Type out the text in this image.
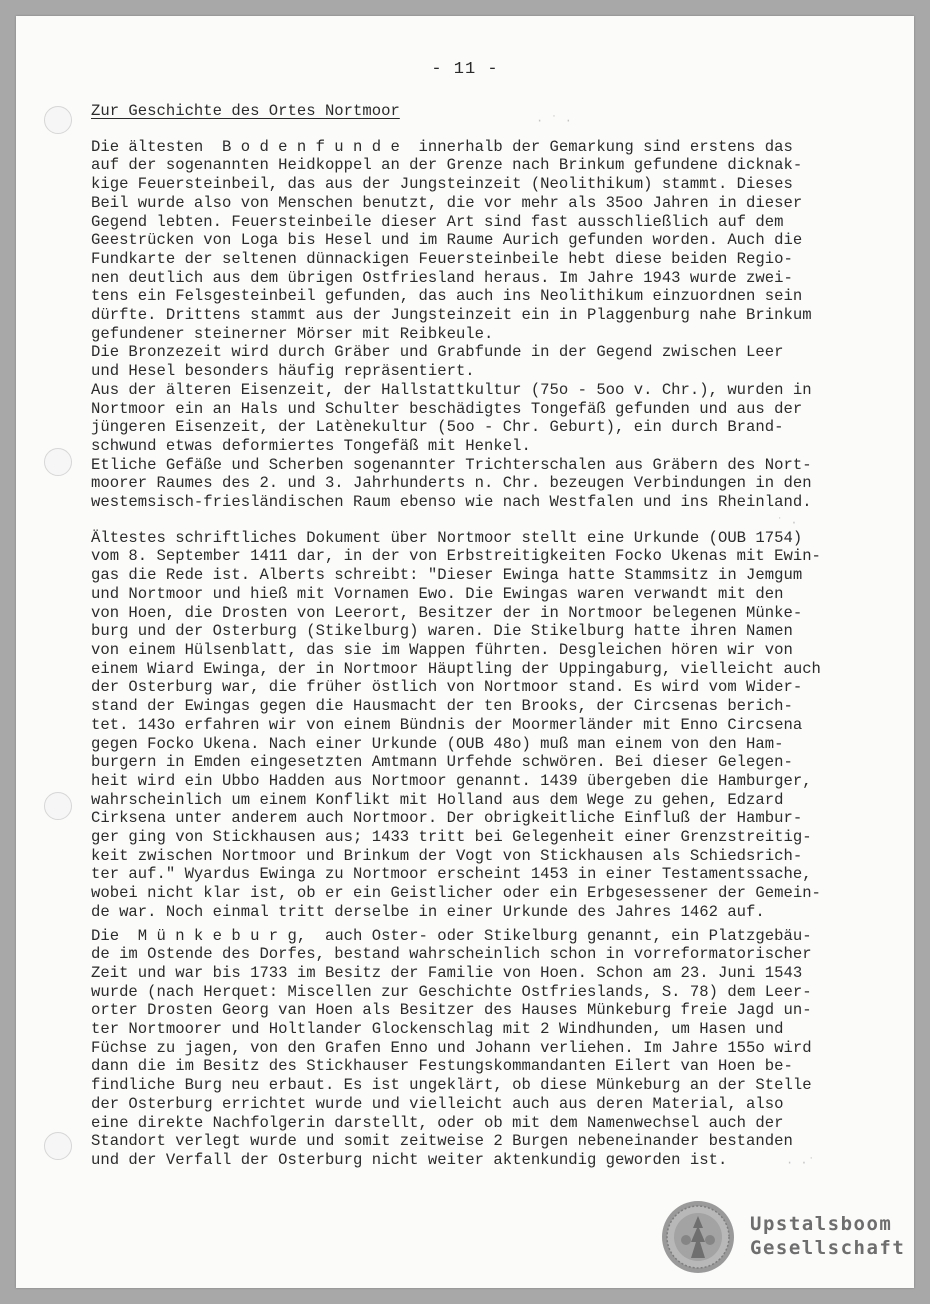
· ˙ ·
˙ ·
· ·˙
- 11 -
Zur Geschichte des Ortes Nortmoor

Die ältesten  B o d e n f u n d e  innerhalb der Gemarkung sind erstens das
auf der sogenannten Heidkoppel an der Grenze nach Brinkum gefundene dicknak-
kige Feuersteinbeil, das aus der Jungsteinzeit (Neolithikum) stammt. Dieses
Beil wurde also von Menschen benutzt, die vor mehr als 35oo Jahren in dieser
Gegend lebten. Feuersteinbeile dieser Art sind fast ausschließlich auf dem
Geestrücken von Loga bis Hesel und im Raume Aurich gefunden worden. Auch die
Fundkarte der seltenen dünnackigen Feuersteinbeile hebt diese beiden Regio-
nen deutlich aus dem übrigen Ostfriesland heraus. Im Jahre 1943 wurde zwei-
tens ein Felsgesteinbeil gefunden, das auch ins Neolithikum einzuordnen sein
dürfte. Drittens stammt aus der Jungsteinzeit ein in Plaggenburg nahe Brinkum
gefundener steinerner Mörser mit Reibkeule.
Die Bronzezeit wird durch Gräber und Grabfunde in der Gegend zwischen Leer
und Hesel besonders häufig repräsentiert.
Aus der älteren Eisenzeit, der Hallstattkultur (75o - 5oo v. Chr.), wurden in
Nortmoor ein an Hals und Schulter beschädigtes Tongefäß gefunden und aus der
jüngeren Eisenzeit, der Latènekultur (5oo - Chr. Geburt), ein durch Brand-
schwund etwas deformiertes Tongefäß mit Henkel.
Etliche Gefäße und Scherben sogenannter Trichterschalen aus Gräbern des Nort-
moorer Raumes des 2. und 3. Jahrhunderts n. Chr. bezeugen Verbindungen in den
westemsisch-friesländischen Raum ebenso wie nach Westfalen und ins Rheinland.

Ältestes schriftliches Dokument über Nortmoor stellt eine Urkunde (OUB 1754)
vom 8. September 1411 dar, in der von Erbstreitigkeiten Focko Ukenas mit Ewin-
gas die Rede ist. Alberts schreibt: "Dieser Ewinga hatte Stammsitz in Jemgum
und Nortmoor und hieß mit Vornamen Ewo. Die Ewingas waren verwandt mit den
von Hoen, die Drosten von Leerort, Besitzer der in Nortmoor belegenen Münke-
burg und der Osterburg (Stikelburg) waren. Die Stikelburg hatte ihren Namen
von einem Hülsenblatt, das sie im Wappen führten. Desgleichen hören wir von
einem Wiard Ewinga, der in Nortmoor Häuptling der Uppingaburg, vielleicht auch
der Osterburg war, die früher östlich von Nortmoor stand. Es wird vom Wider-
stand der Ewingas gegen die Hausmacht der ten Brooks, der Circsenas berich-
tet. 143o erfahren wir von einem Bündnis der Moormerländer mit Enno Circsena
gegen Focko Ukena. Nach einer Urkunde (OUB 48o) muß man einem von den Ham-
burgern in Emden eingesetzten Amtmann Urfehde schwören. Bei dieser Gelegen-
heit wird ein Ubbo Hadden aus Nortmoor genannt. 1439 übergeben die Hamburger,
wahrscheinlich um einem Konflikt mit Holland aus dem Wege zu gehen, Edzard
Cirksena unter anderem auch Nortmoor. Der obrigkeitliche Einfluß der Hambur-
ger ging von Stickhausen aus; 1433 tritt bei Gelegenheit einer Grenzstreitig-
keit zwischen Nortmoor und Brinkum der Vogt von Stickhausen als Schiedsrich-
ter auf." Wyardus Ewinga zu Nortmoor erscheint 1453 in einer Testamentssache,
wobei nicht klar ist, ob er ein Geistlicher oder ein Erbgesessener der Gemein-
de war. Noch einmal tritt derselbe in einer Urkunde des Jahres 1462 auf.

Die  M ü n k e b u r g,  auch Oster- oder Stikelburg genannt, ein Platzgebäu-
de im Ostende des Dorfes, bestand wahrscheinlich schon in vorreformatorischer
Zeit und war bis 1733 im Besitz der Familie von Hoen. Schon am 23. Juni 1543
wurde (nach Herquet: Miscellen zur Geschichte Ostfrieslands, S. 78) dem Leer-
orter Drosten Georg van Hoen als Besitzer des Hauses Münkeburg freie Jagd un-
ter Nortmoorer und Holtlander Glockenschlag mit 2 Windhunden, um Hasen und
Füchse zu jagen, von den Grafen Enno und Johann verliehen. Im Jahre 155o wird
dann die im Besitz des Stickhauser Festungskommandanten Eilert van Hoen be-
findliche Burg neu erbaut. Es ist ungeklärt, ob diese Münkeburg an der Stelle
der Osterburg errichtet wurde und vielleicht auch aus deren Material, also
eine direkte Nachfolgerin darstellt, oder ob mit dem Namenwechsel auch der
Standort verlegt wurde und somit zeitweise 2 Burgen nebeneinander bestanden
und der Verfall der Osterburg nicht weiter aktenkundig geworden ist.

Upstalsboom
Gesellschaft
